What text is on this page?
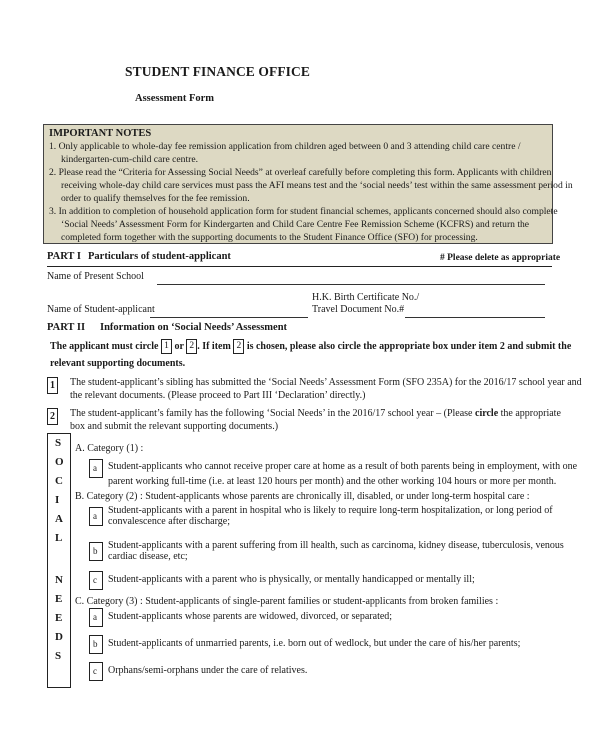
STUDENT FINANCE OFFICE
Assessment Form
IMPORTANT NOTES
1. Only applicable to whole-day fee remission application from children aged between 0 and 3 attending child care centre /
kindergarten-cum-child care centre.
2. Please read the “Criteria for Assessing Social Needs” at overleaf carefully before completing this form. Applicants with children
receiving whole-day child care services must pass the AFI means test and the ‘social needs’ test within the same assessment period in
order to qualify themselves for the fee remission.
3. In addition to completion of household application form for student financial schemes, applicants concerned should also complete
‘Social Needs’ Assessment Form for Kindergarten and Child Care Centre Fee Remission Scheme (KCFRS) and return the
completed form together with the supporting documents to the Student Finance Office (SFO) for processing.
PART I Particulars of student-applicant	# Please delete as appropriate
Name of Present School
H.K. Birth Certificate No./
Name of Student-applicant	Travel Document No.#
PART II Information on ‘Social Needs’ Assessment
The applicant must circle 1 or 2 . If item 2 is chosen, please also circle the appropriate box under item 2 and submit the
relevant supporting documents.
1 The student-applicant’s sibling has submitted the ‘Social Needs’ Assessment Form (SFO 235A) for the 2016/17 school year and
the relevant documents. (Please proceed to Part III ‘Declaration’ directly.)
2 The student-applicant’s family has the following ‘Social Needs’ in the 2016/17 school year – (Please circle the appropriate
box and submit the relevant supporting documents.)
S
O
C
I
A
L
N
E
E
D
S
A. Category (1) :
a Student-applicants who cannot receive proper care at home as a result of both parents being in employment, with one
parent working full-time (i.e. at least 120 hours per month) and the other working 104 hours or more per month.
B. Category (2) : Student-applicants whose parents are chronically ill, disabled, or under long-term hospital care :
a Student-applicants with a parent in hospital who is likely to require long-term hospitalization, or long period of
convalescence after discharge;
b Student-applicants with a parent suffering from ill health, such as carcinoma, kidney disease, tuberculosis, venous
cardiac disease, etc;
c Student-applicants with a parent who is physically, or mentally handicapped or mentally ill;
C. Category (3) : Student-applicants of single-parent families or student-applicants from broken families :
a Student-applicants whose parents are widowed, divorced, or separated;
b Student-applicants of unmarried parents, i.e. born out of wedlock, but under the care of his/her parents;
c Orphans/semi-orphans under the care of relatives.
